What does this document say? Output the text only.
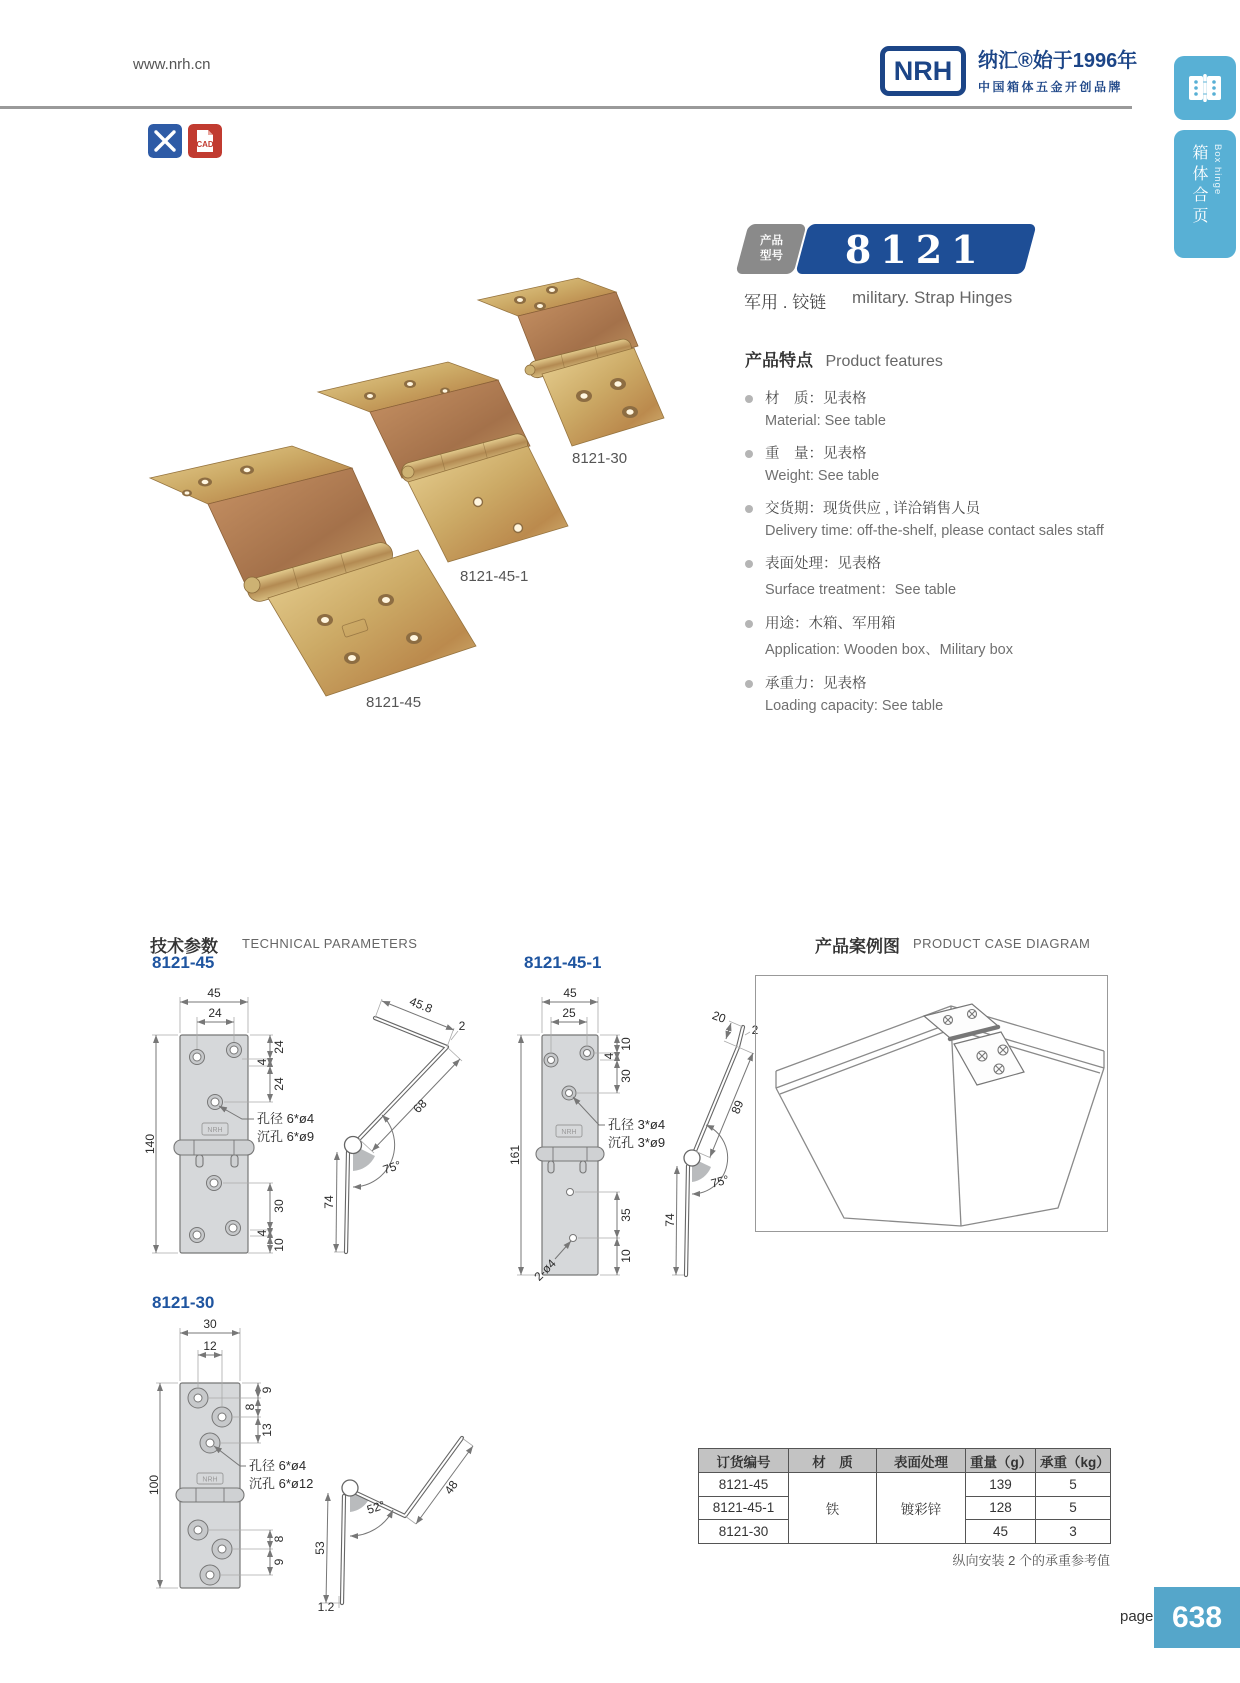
www.nrh.cn	NRH 纳汇®始于1996年
中国箱体五金开创品牌
CAD	箱体合页 Box hinge
产品
型号 8121
军用 . 铰链 military. Strap Hinges
8121-30
8121-45-1
8121-45
产品特点 Product features
材　质：见表格
Material: See table
重　量：见表格
Weight: See table
交货期：现货供应 , 详洽销售人员
Delivery time: off-the-shelf, please contact sales staff
表面处理：见表格
Surface treatment：See table
用途：木箱、军用箱
Application: Wooden box、Military box
承重力：见表格
Loading capacity: See table
技术参数 TECHNICAL PARAMETERS	产品案例图 PRODUCT CASE DIAGRAM
8121-45	8121-45-1
8121-30
NRH
45
24
24
4
24
140
30
4
10
孔径 6*ø4
沉孔 6*ø9
45.8
2
68
75°
74
NRH
45
25
10
4
30
161
孔径 3*ø4
沉孔 3*ø9
35
10
2-ø4
20
2
89
75°
74
NRH
30
12
9
8
13
100
孔径 6*ø4
沉孔 6*ø12
8
9
52°
48
53
1.2
订货编号	材　质	表面处理	重量（g）	承重（kg）
8121-45	铁	镀彩锌	139	5
8121-45-1			128	5
8121-30			45	3
纵向安装 2 个的承重参考值
page 638
